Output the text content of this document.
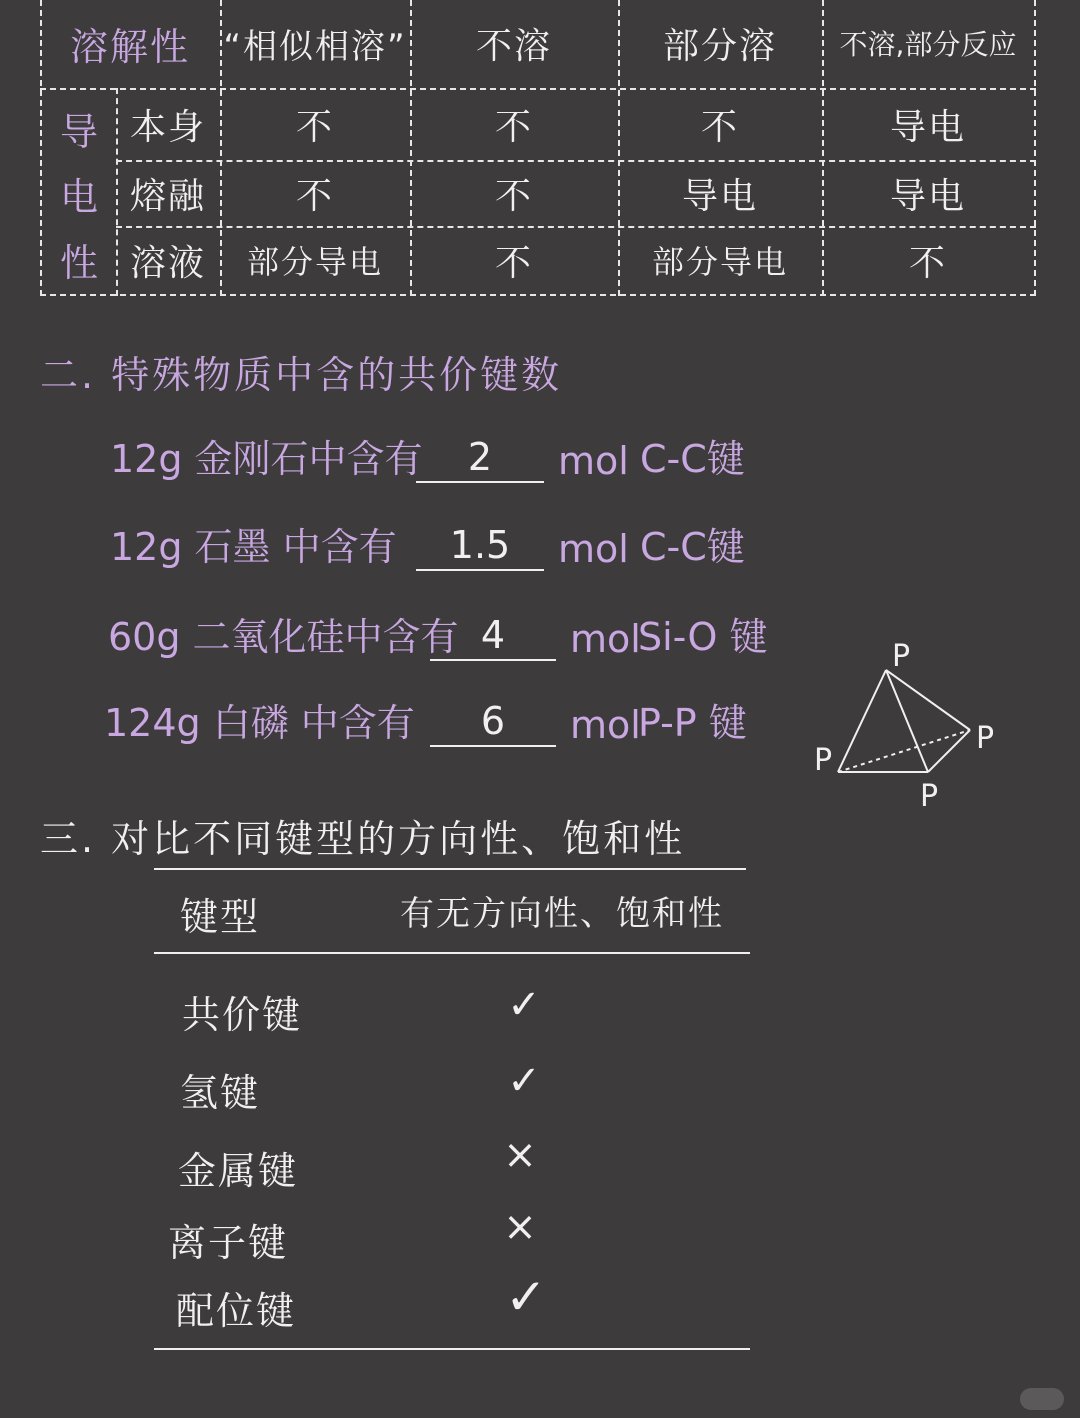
溶解性 “相似相溶”	不溶	部分溶	不溶,部分反应
导
电
性
本身	不	不	不	导电
熔融	不	不	导电	导电
溶液	部分导电	不	部分导电	不
二. 特殊物质中含的共价键数
12g 金刚石中含有	2	mol C-C键
12g 石墨 中含有	1.5	mol C-C键
60g 二氧化硅中含有 4	mol
Si-O 键
124g 白磷 中含有	6	mol
P-P 键
P
P
P
P
三. 对比不同键型的方向性、饱和性
键型	有无方向性、饱和性
共价键	✓
氢键	✓
金属键	×
离子键	×
配位键	✓
